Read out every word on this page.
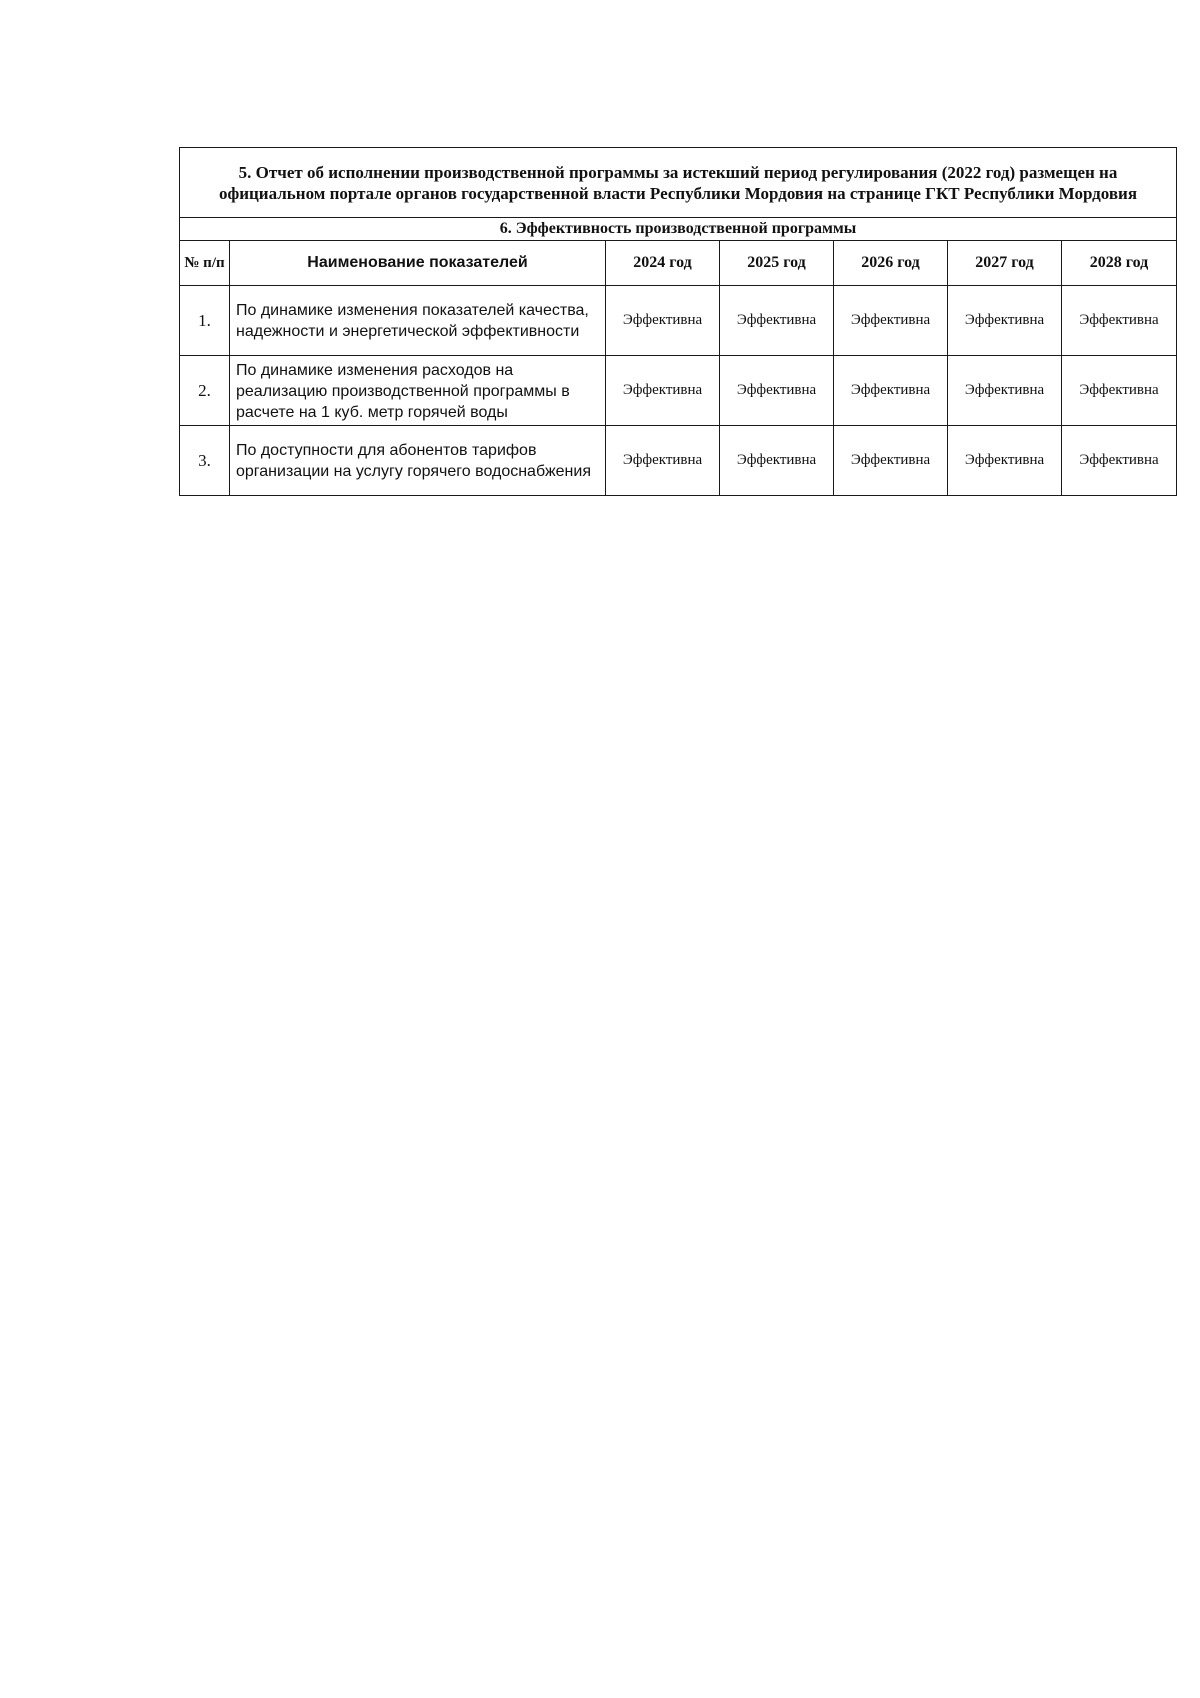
5. Отчет об исполнении производственной программы за истекший период регулирования (2022 год) размещен на официальном портале органов государственной власти Республики Мордовия на странице ГКТ Республики Мордовия						
6. Эффективность производственной программы						
№ п/п	Наименование показателей	2024 год	2025 год	2026 год	2027 год	2028 год
1.	По динамике изменения показателей качества, надежности и энергетической эффективности	Эффективна	Эффективна	Эффективна	Эффективна	Эффективна
2.	По динамике изменения расходов на реализацию производственной программы в расчете на 1 куб. метр горячей воды	Эффективна	Эффективна	Эффективна	Эффективна	Эффективна
3.	По доступности для абонентов тарифов организации на услугу горячего водоснабжения	Эффективна	Эффективна	Эффективна	Эффективна	Эффективна
